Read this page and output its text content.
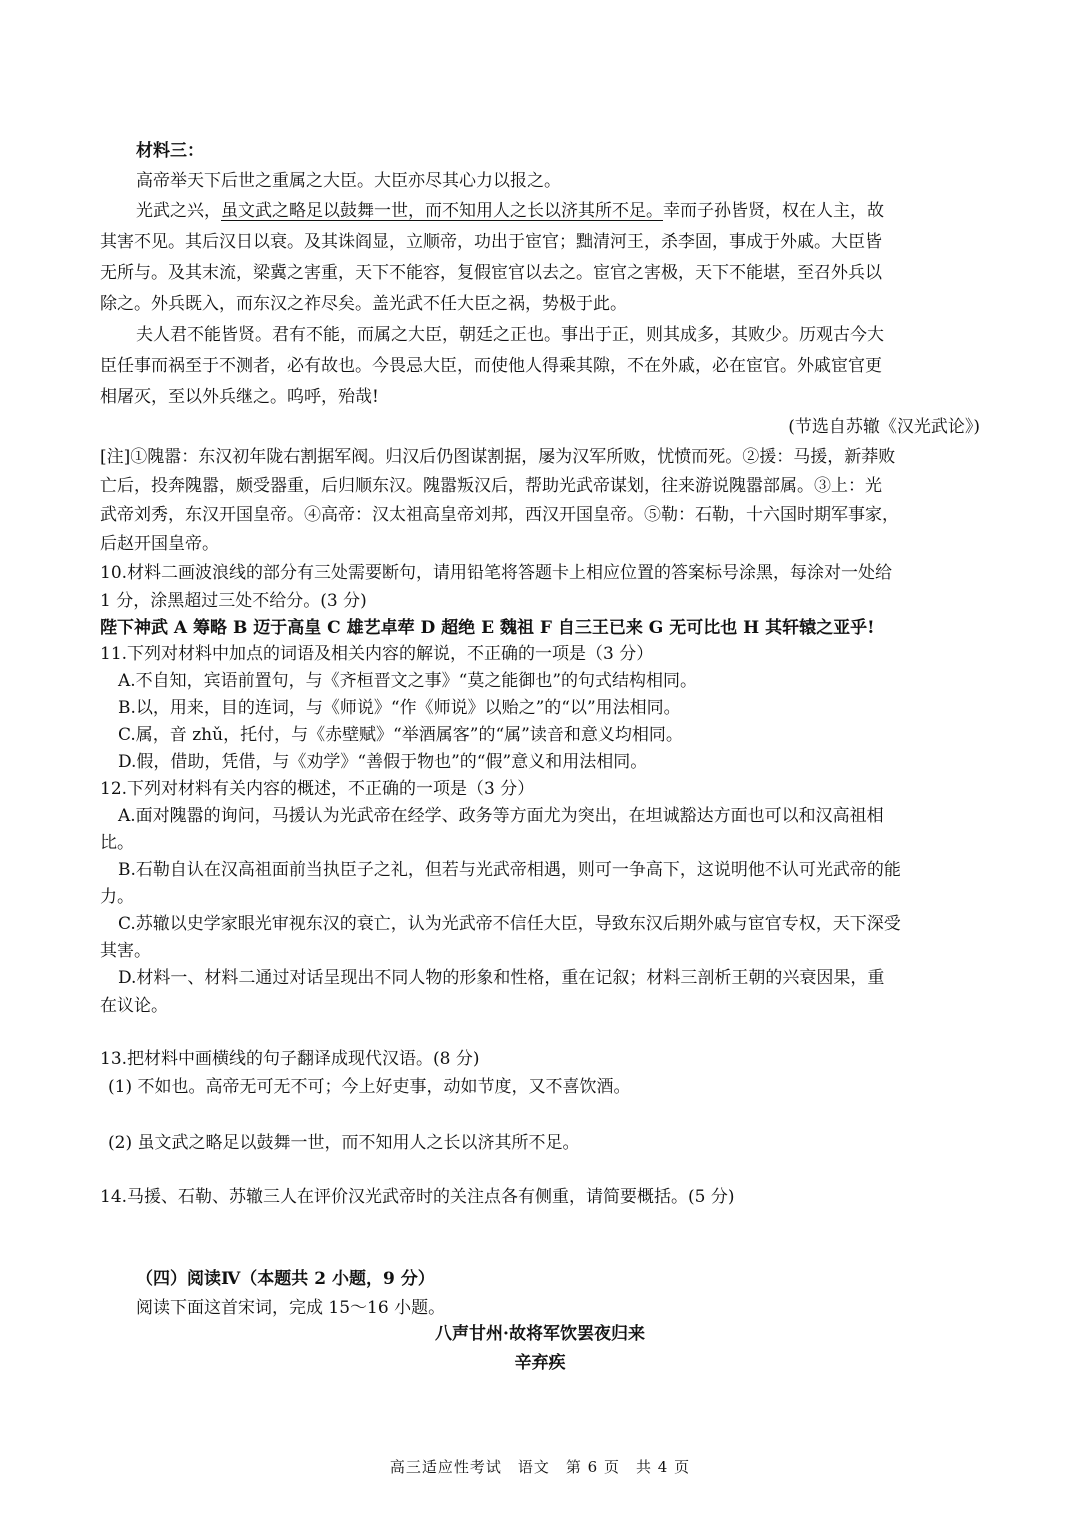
材料三：
高帝举天下后世之重属之大臣。大臣亦尽其心力以报之。
光武之兴，虽文武之略足以鼓舞一世，而不知用人之长以济其所不足。幸而子孙皆贤，权在人主，故
其害不见。其后汉日以衰。及其诛阎显，立顺帝，功出于宦官；黜清河王，杀李固，事成于外戚。大臣皆
无所与。及其末流，梁冀之害重，天下不能容，复假宦官以去之。宦官之害极，天下不能堪，至召外兵以
除之。外兵既入，而东汉之祚尽矣。盖光武不任大臣之祸，势极于此。
夫人君不能皆贤。君有不能，而属之大臣，朝廷之正也。事出于正，则其成多，其败少。历观古今大
臣任事而祸至于不测者，必有故也。今畏忌大臣，而使他人得乘其隙，不在外戚，必在宦官。外戚宦官更
相屠灭，至以外兵继之。呜呼，殆哉!
(节选自苏辙《汉光武论》)
[注]①隗嚣：东汉初年陇右割据军阀。归汉后仍图谋割据，屡为汉军所败，忧愤而死。②援：马援，新莽败
亡后，投奔隗嚣，颇受器重，后归顺东汉。隗嚣叛汉后，帮助光武帝谋划，往来游说隗嚣部属。③上：光
武帝刘秀，东汉开国皇帝。④高帝：汉太祖高皇帝刘邦，西汉开国皇帝。⑤勒：石勒，十六国时期军事家，
后赵开国皇帝。
10.材料二画波浪线的部分有三处需要断句，请用铅笔将答题卡上相应位置的答案标号涂黑，每涂对一处给
1 分，涂黑超过三处不给分。(3 分)
陛下神武 A 筹略 B 迈于高皇 C 雄艺卓荦 D 超绝 E 魏祖 F 自三王已来 G 无可比也 H 其轩辕之亚乎!
11.下列对材料中加点的词语及相关内容的解说，不正确的一项是（3 分）
A.不自知，宾语前置句，与《齐桓晋文之事》“莫之能御也”的句式结构相同。
B.以，用来，目的连词，与《师说》“作《师说》以贻之”的“以”用法相同。
C.属，音 zhǔ，托付，与《赤壁赋》“举酒属客”的“属”读音和意义均相同。
D.假，借助，凭借，与《劝学》“善假于物也”的“假”意义和用法相同。
12.下列对材料有关内容的概述，不正确的一项是（3 分）
A.面对隗嚣的询问，马援认为光武帝在经学、政务等方面尤为突出，在坦诚豁达方面也可以和汉高祖相
比。
B.石勒自认在汉高祖面前当执臣子之礼，但若与光武帝相遇，则可一争高下，这说明他不认可光武帝的能
力。
C.苏辙以史学家眼光审视东汉的衰亡，认为光武帝不信任大臣，导致东汉后期外戚与宦官专权，天下深受
其害。
D.材料一、材料二通过对话呈现出不同人物的形象和性格，重在记叙；材料三剖析王朝的兴衰因果，重
在议论。
13.把材料中画横线的句子翻译成现代汉语。(8 分)
(1) 不如也。高帝无可无不可；今上好吏事，动如节度，又不喜饮酒。
(2) 虽文武之略足以鼓舞一世，而不知用人之长以济其所不足。
14.马援、石勒、苏辙三人在评价汉光武帝时的关注点各有侧重，请简要概括。(5 分)
（四）阅读Ⅳ（本题共 2 小题，9 分）
阅读下面这首宋词，完成 15～16 小题。
八声甘州·故将军饮罢夜归来
辛弃疾
高三适应性考试　语文　第 6 页　共 4 页
